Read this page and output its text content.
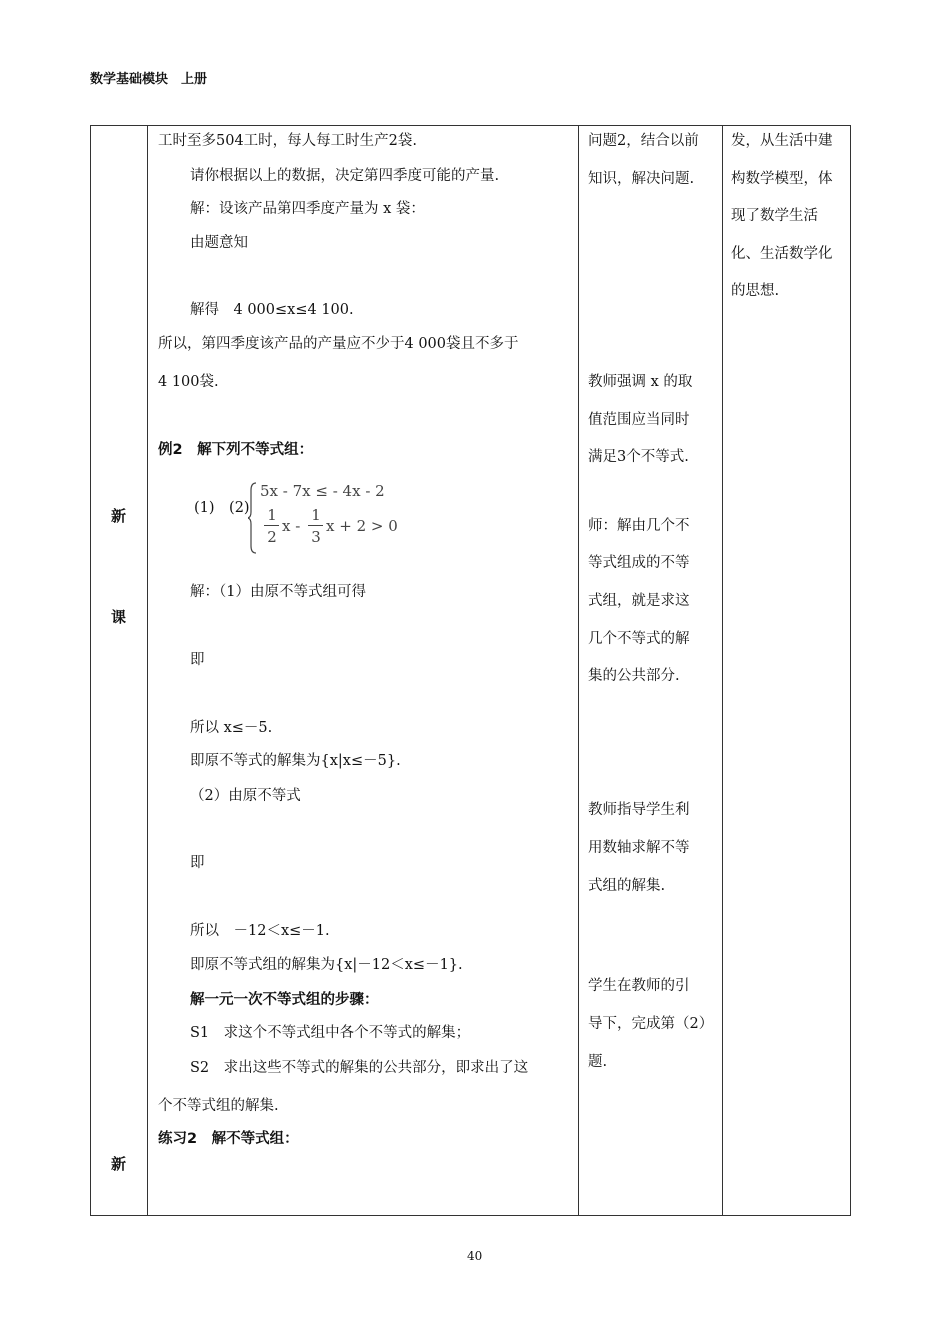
数学基础模块　上册
新
课
新
工时至多504工时，每人每工时生产2袋.
请你根据以上的数据，决定第四季度可能的产量.
解：设该产品第四季度产量为 x 袋：
由题意知
解得　4 000≤x≤4 100.
所以，第四季度该产品的产量应不少于4 000袋且不多于
4 100袋.
例2　解下列不等式组：
(1)　(2)
5x - 7x ≤ - 4x - 2
1
2
x -
1
3
x + 2 > 0
解：（1）由原不等式组可得
即
所以 x≤－5.
即原不等式的解集为{x|x≤－5}.
（2）由原不等式
即
所以　－12＜x≤－1.
即原不等式组的解集为{x|－12＜x≤－1}.
解一元一次不等式组的步骤：
S1　求这个不等式组中各个不等式的解集；
S2　求出这些不等式的解集的公共部分，即求出了这
个不等式组的解集.
练习2　解不等式组：
问题2，结合以前
知识，解决问题.
教师强调 x 的取
值范围应当同时
满足3个不等式.
师：解由几个不
等式组成的不等
式组，就是求这
几个不等式的解
集的公共部分.
教师指导学生利
用数轴求解不等
式组的解集.
学生在教师的引
导下，完成第（2）
题.
发，从生活中建
构数学模型，体
现了数学生活
化、生活数学化
的思想.
40
